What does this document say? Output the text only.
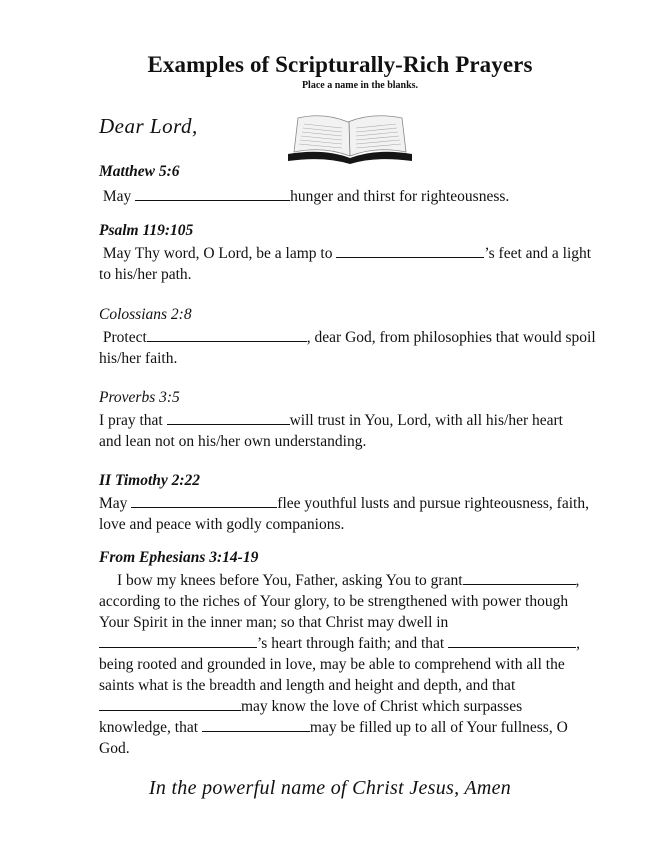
Examples of Scripturally-Rich Prayers
Place a name in the blanks.
Dear Lord,
Matthew 5:6
May	hunger and thirst for righteousness.
Psalm 119:105
May Thy word, O Lord, be a lamp to	’s feet and a light
to his/her path.
Colossians 2:8
Protect	, dear God, from philosophies that would spoil
his/her faith.
Proverbs 3:5
I pray that	will trust in You, Lord, with all his/her heart
and lean not on his/her own understanding.
II Timothy 2:22
May	flee youthful lusts and pursue righteousness, faith,
love and peace with godly companions.
From Ephesians 3:14-19
I bow my knees before You, Father, asking You to grant	,
according to the riches of Your glory, to be strengthened with power though
Your Spirit in the inner man; so that Christ may dwell in
’s heart through faith; and that	,
being rooted and grounded in love, may be able to comprehend with all the
saints what is the breadth and length and height and depth, and that
may know the love of Christ which surpasses
knowledge, that	may be filled up to all of Your fullness, O
God.
In the powerful name of Christ Jesus, Amen
